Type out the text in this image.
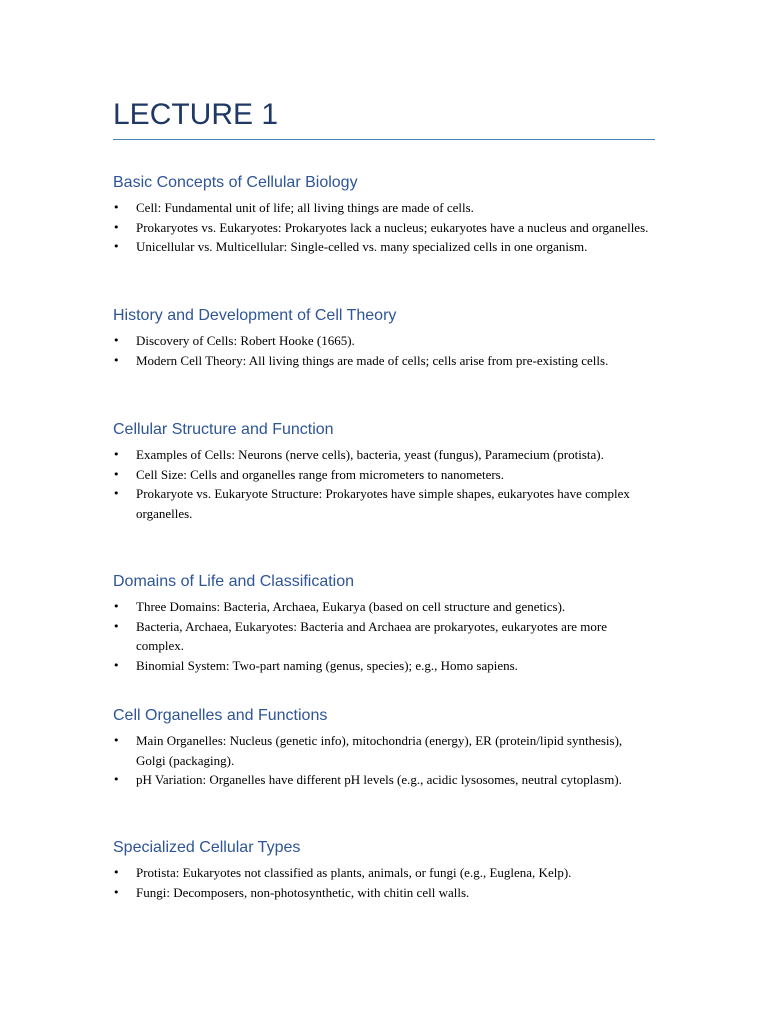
LECTURE 1
Basic Concepts of Cellular Biology
• Cell: Fundamental unit of life; all living things are made of cells.
• Prokaryotes vs. Eukaryotes: Prokaryotes lack a nucleus; eukaryotes have a nucleus and organelles.
• Unicellular vs. Multicellular: Single-celled vs. many specialized cells in one organism.
History and Development of Cell Theory
• Discovery of Cells: Robert Hooke (1665).
• Modern Cell Theory: All living things are made of cells; cells arise from pre-existing cells.
Cellular Structure and Function
• Examples of Cells: Neurons (nerve cells), bacteria, yeast (fungus), Paramecium (protista).
• Cell Size: Cells and organelles range from micrometers to nanometers.
• Prokaryote vs. Eukaryote Structure: Prokaryotes have simple shapes, eukaryotes have complex organelles.
Domains of Life and Classification
• Three Domains: Bacteria, Archaea, Eukarya (based on cell structure and genetics).
• Bacteria, Archaea, Eukaryotes: Bacteria and Archaea are prokaryotes, eukaryotes are more complex.
• Binomial System: Two-part naming (genus, species); e.g., Homo sapiens.
Cell Organelles and Functions
• Main Organelles: Nucleus (genetic info), mitochondria (energy), ER (protein/lipid synthesis), Golgi (packaging).
• pH Variation: Organelles have different pH levels (e.g., acidic lysosomes, neutral cytoplasm).
Specialized Cellular Types
• Protista: Eukaryotes not classified as plants, animals, or fungi (e.g., Euglena, Kelp).
• Fungi: Decomposers, non-photosynthetic, with chitin cell walls.
